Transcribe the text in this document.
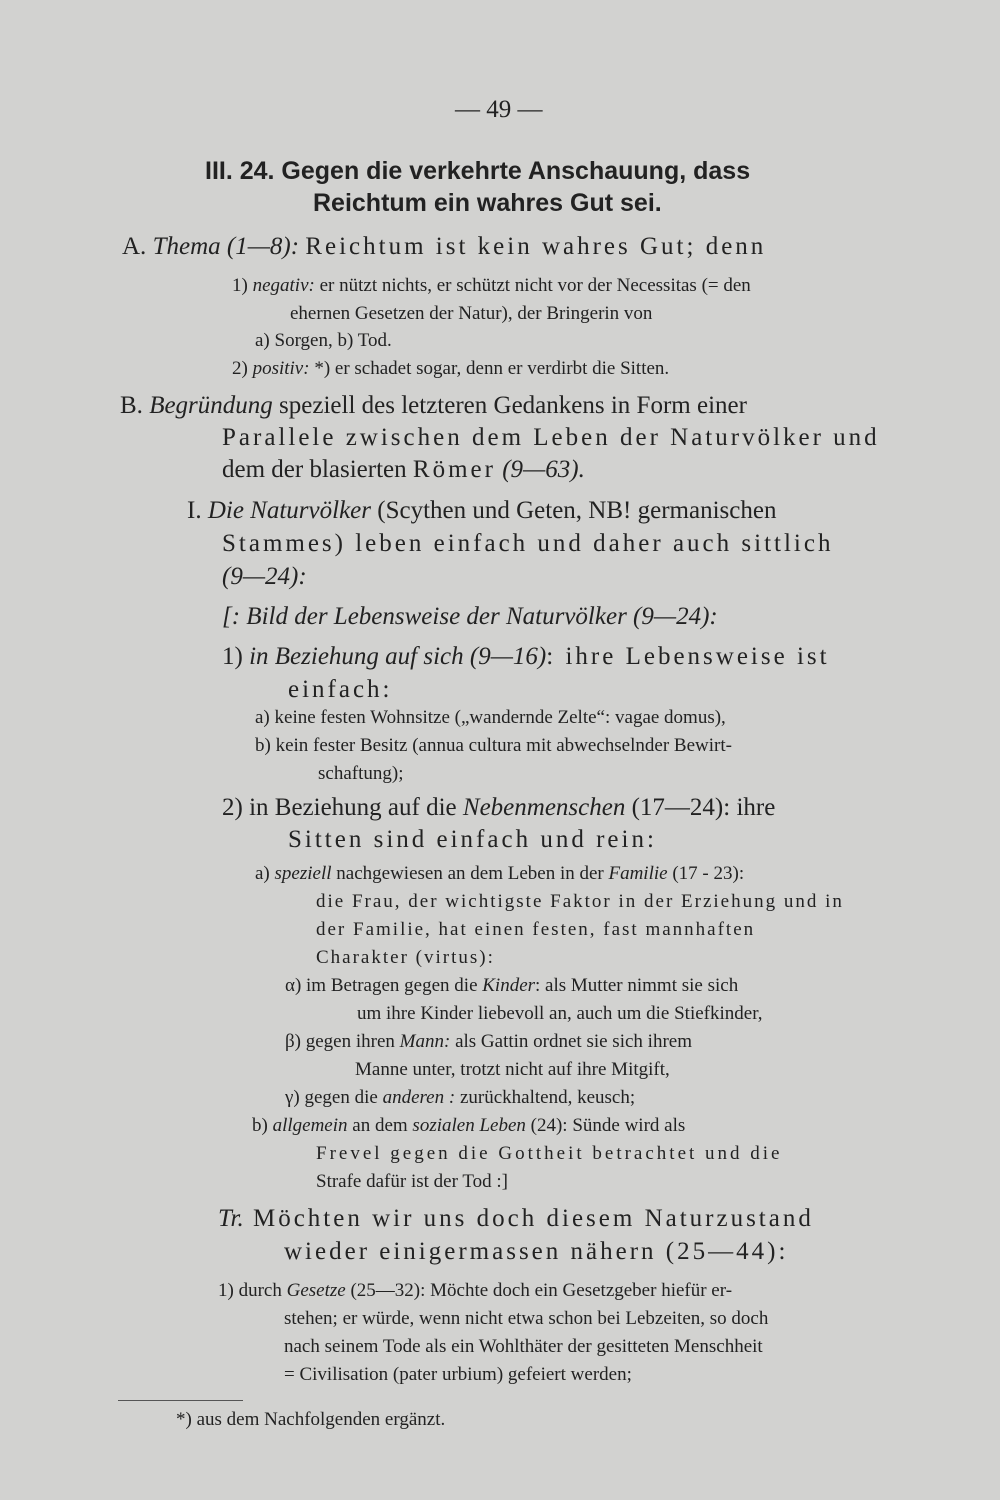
— 49 —
III. 24. Gegen die verkehrte Anschauung, dass
Reichtum ein wahres Gut sei.
A. Thema (1—8): Reichtum ist kein wahres Gut; denn
1) negativ: er nützt nichts, er schützt nicht vor der Necessitas (= den
ehernen Gesetzen der Natur), der Bringerin von
a) Sorgen, b) Tod.
2) positiv: *) er schadet sogar, denn er verdirbt die Sitten.
B. Begründung speziell des letzteren Gedankens in Form einer
Parallele zwischen dem Leben der Naturvölker und
dem der blasierten Römer (9—63).
I. Die Naturvölker (Scythen und Geten, NB! germanischen
Stammes) leben einfach und daher auch sittlich
(9—24):
[: Bild der Lebensweise der Naturvölker (9—24):
1) in Beziehung auf sich (9—16): ihre Lebensweise ist
einfach:
a) keine festen Wohnsitze („wandernde Zelte“: vagae domus),
b) kein fester Besitz (annua cultura mit abwechselnder Bewirt-
schaftung);
2) in Beziehung auf die Nebenmenschen (17—24): ihre
Sitten sind einfach und rein:
a) speziell nachgewiesen an dem Leben in der Familie (17 - 23):
die Frau, der wichtigste Faktor in der Erziehung und in
der Familie, hat einen festen, fast mannhaften
Charakter (virtus):
α) im Betragen gegen die Kinder: als Mutter nimmt sie sich
um ihre Kinder liebevoll an, auch um die Stiefkinder,
β) gegen ihren Mann: als Gattin ordnet sie sich ihrem
Manne unter, trotzt nicht auf ihre Mitgift,
γ) gegen die anderen : zurückhaltend, keusch;
b) allgemein an dem sozialen Leben (24): Sünde wird als
Frevel gegen die Gottheit betrachtet und die
Strafe dafür ist der Tod :]
Tr. Möchten wir uns doch diesem Naturzustand
wieder einigermassen nähern (25—44):
1) durch Gesetze (25—32): Möchte doch ein Gesetzgeber hiefür er-
stehen; er würde, wenn nicht etwa schon bei Lebzeiten, so doch
nach seinem Tode als ein Wohlthäter der gesitteten Menschheit
= Civilisation (pater urbium) gefeiert werden;
*) aus dem Nachfolgenden ergänzt.
